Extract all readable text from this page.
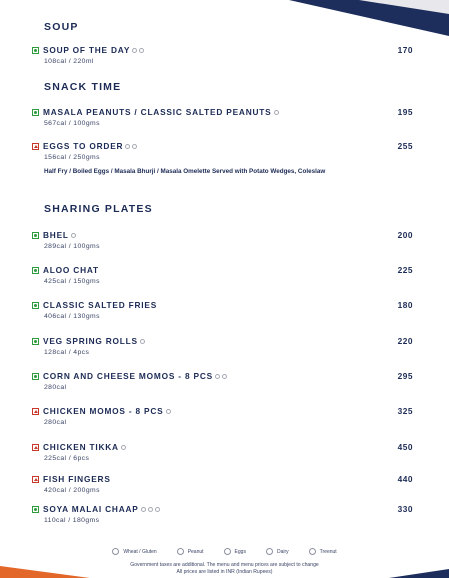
SOUP
SOUP OF THE DAY	170
108cal / 220ml
SNACK TIME
MASALA PEANUTS / CLASSIC SALTED PEANUTS	195
567cal / 100gms
EGGS TO ORDER	255
156cal / 250gms
Half Fry / Boiled Eggs / Masala Bhurji / Masala Omelette Served with Potato Wedges, Coleslaw
SHARING PLATES
BHEL	200
289cal / 100gms
ALOO CHAT	225
425cal / 150gms
CLASSIC SALTED FRIES	180
406cal / 130gms
VEG SPRING ROLLS	220
128cal / 4pcs
CORN AND CHEESE MOMOS - 8 PCS	295
280cal
CHICKEN MOMOS - 8 PCS	325
280cal
CHICKEN TIKKA	450
225cal / 6pcs
FISH FINGERS	440
420cal / 200gms
SOYA MALAI CHAAP	330
110cal / 180gms
Wheat / Gluten	Peanut	Eggs	Dairy	Treenut
Government taxes are additional. The menu and menu prices are subject to change
All prices are listed in INR (Indian Rupees)
